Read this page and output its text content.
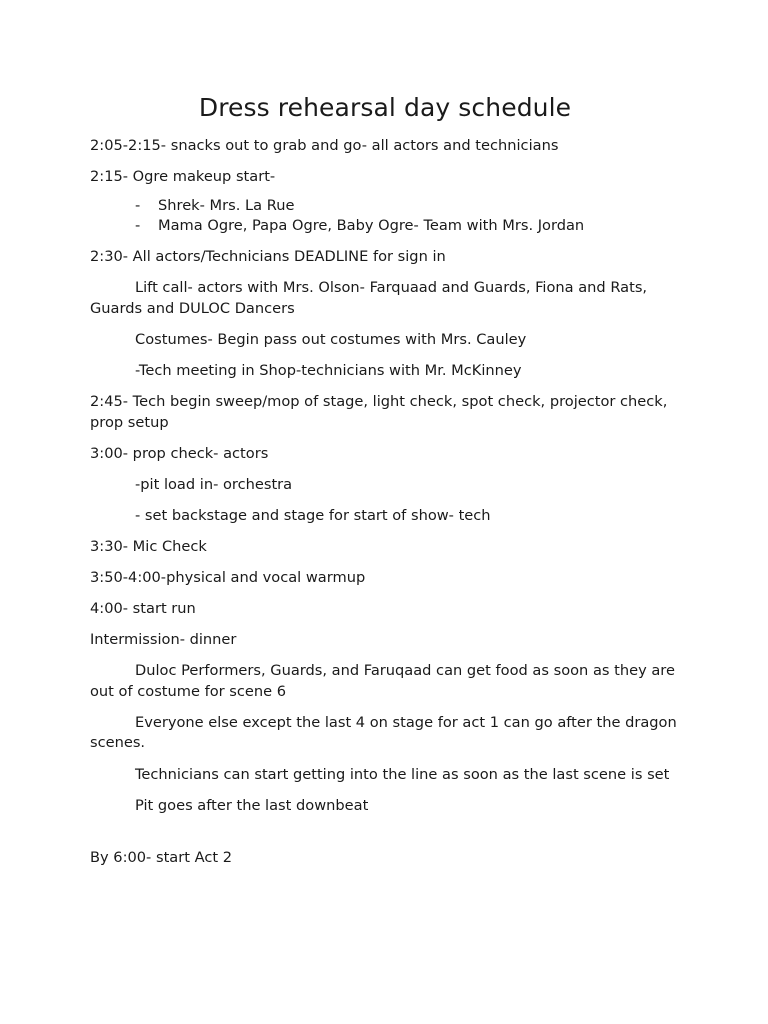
Dress rehearsal day schedule

2:05-2:15- snacks out to grab and go- all actors and technicians

2:15- Ogre makeup start-

- Shrek- Mrs. La Rue
- Mama Ogre, Papa Ogre, Baby Ogre- Team with Mrs. Jordan

2:30- All actors/Technicians DEADLINE for sign in

Lift call- actors with Mrs. Olson- Farquaad and Guards, Fiona and Rats, Guards and DULOC Dancers

Costumes- Begin pass out costumes with Mrs. Cauley

-Tech meeting in Shop-technicians with Mr. McKinney

2:45- Tech begin sweep/mop of stage, light check, spot check, projector check, prop setup

3:00- prop check- actors

-pit load in- orchestra

- set backstage and stage for start of show- tech

3:30- Mic Check

3:50-4:00-physical and vocal warmup

4:00- start run

Intermission- dinner

Duloc Performers, Guards, and Faruqaad can get food as soon as they are out of costume for scene 6

Everyone else except the last 4 on stage for act 1 can go after the dragon scenes.

Technicians can start getting into the line as soon as the last scene is set

Pit goes after the last downbeat

By 6:00- start Act 2
